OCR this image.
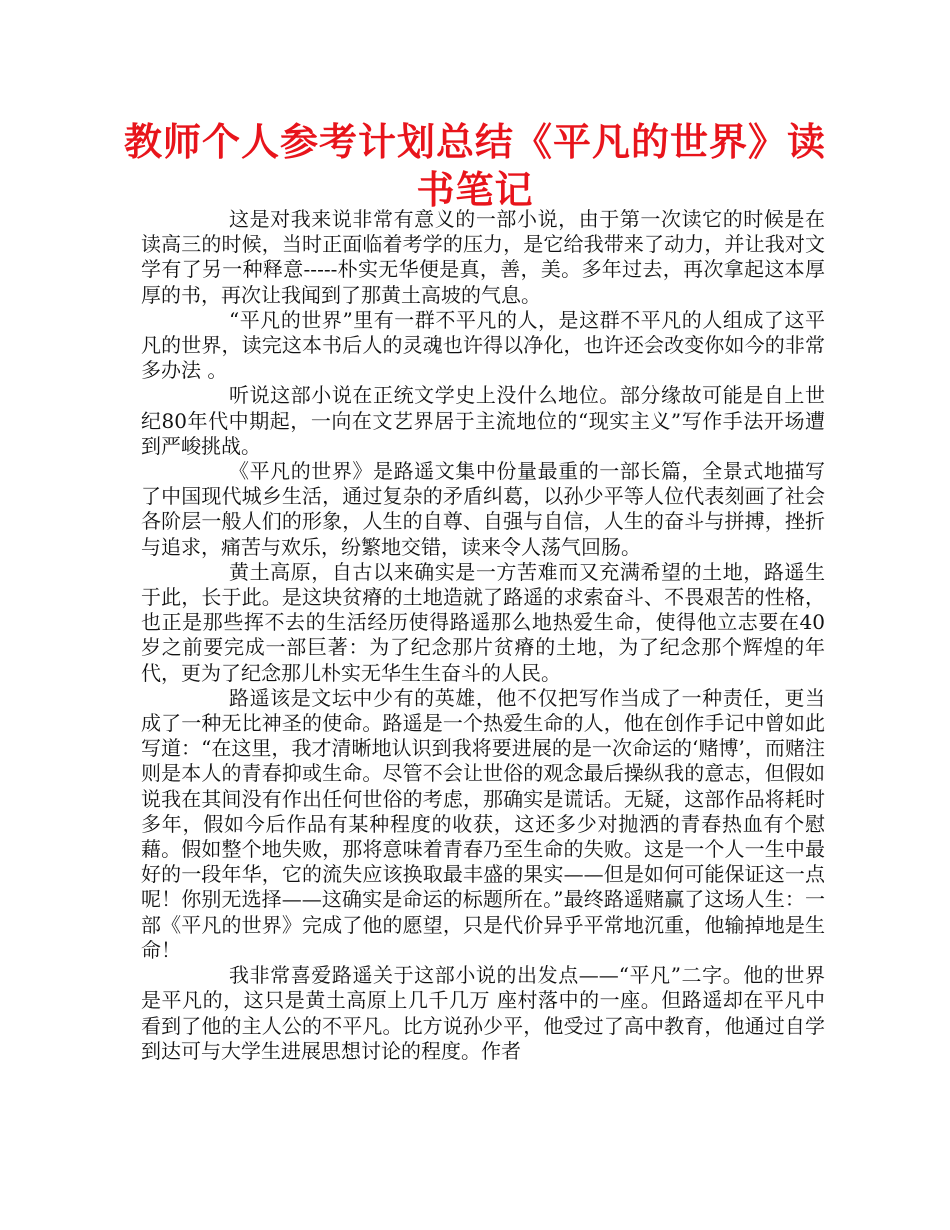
教师个人参考计划总结《平凡的世界》读书笔记

这是对我来说非常有意义的一部小说，由于第一次读它的时候是在读高三的时候，当时正面临着考学的压力，是它给我带来了动力，并让我对文学有了另一种释意-----朴实无华便是真，善，美。多年过去，再次拿起这本厚厚的书，再次让我闻到了那黄土高坡的气息。

“平凡的世界”里有一群不平凡的人，是这群不平凡的人组成了这平凡的世界，读完这本书后人的灵魂也许得以净化，也许还会改变你如今的非常多办法 。

听说这部小说在正统文学史上没什么地位。部分缘故可能是自上世纪80年代中期起，一向在文艺界居于主流地位的“现实主义”写作手法开场遭到严峻挑战。

《平凡的世界》是路遥文集中份量最重的一部长篇，全景式地描写了中国现代城乡生活，通过复杂的矛盾纠葛，以孙少平等人位代表刻画了社会各阶层一般人们的形象，人生的自尊、自强与自信，人生的奋斗与拼搏，挫折与追求，痛苦与欢乐，纷繁地交错，读来令人荡气回肠。

黄土高原，自古以来确实是一方苦难而又充满希望的土地，路遥生于此，长于此。是这块贫瘠的土地造就了路遥的求索奋斗、不畏艰苦的性格，也正是那些挥不去的生活经历使得路遥那么地热爱生命，使得他立志要在40岁之前要完成一部巨著：为了纪念那片贫瘠的土地，为了纪念那个辉煌的年代，更为了纪念那儿朴实无华生生奋斗的人民。

路遥该是文坛中少有的英雄，他不仅把写作当成了一种责任，更当成了一种无比神圣的使命。路遥是一个热爱生命的人，他在创作手记中曾如此写道：“在这里，我才清晰地认识到我将要进展的是一次命运的‘赌博’，而赌注则是本人的青春抑或生命。尽管不会让世俗的观念最后操纵我的意志，但假如说我在其间没有作出任何世俗的考虑，那确实是谎话。无疑，这部作品将耗时多年，假如今后作品有某种程度的收获，这还多少对抛洒的青春热血有个慰藉。假如整个地失败，那将意味着青春乃至生命的失败。这是一个人一生中最好的一段年华，它的流失应该换取最丰盛的果实——但是如何可能保证这一点呢！你别无选择——这确实是命运的标题所在。”最终路遥赌赢了这场人生：一部《平凡的世界》完成了他的愿望，只是代价异乎平常地沉重，他输掉地是生命！

我非常喜爱路遥关于这部小说的出发点——“平凡”二字。他的世界是平凡的，这只是黄土高原上几千几万 座村落中的一座。但路遥却在平凡中看到了他的主人公的不平凡。比方说孙少平，他受过了高中教育，他通过自学到达可与大学生进展思想讨论的程度。作者
